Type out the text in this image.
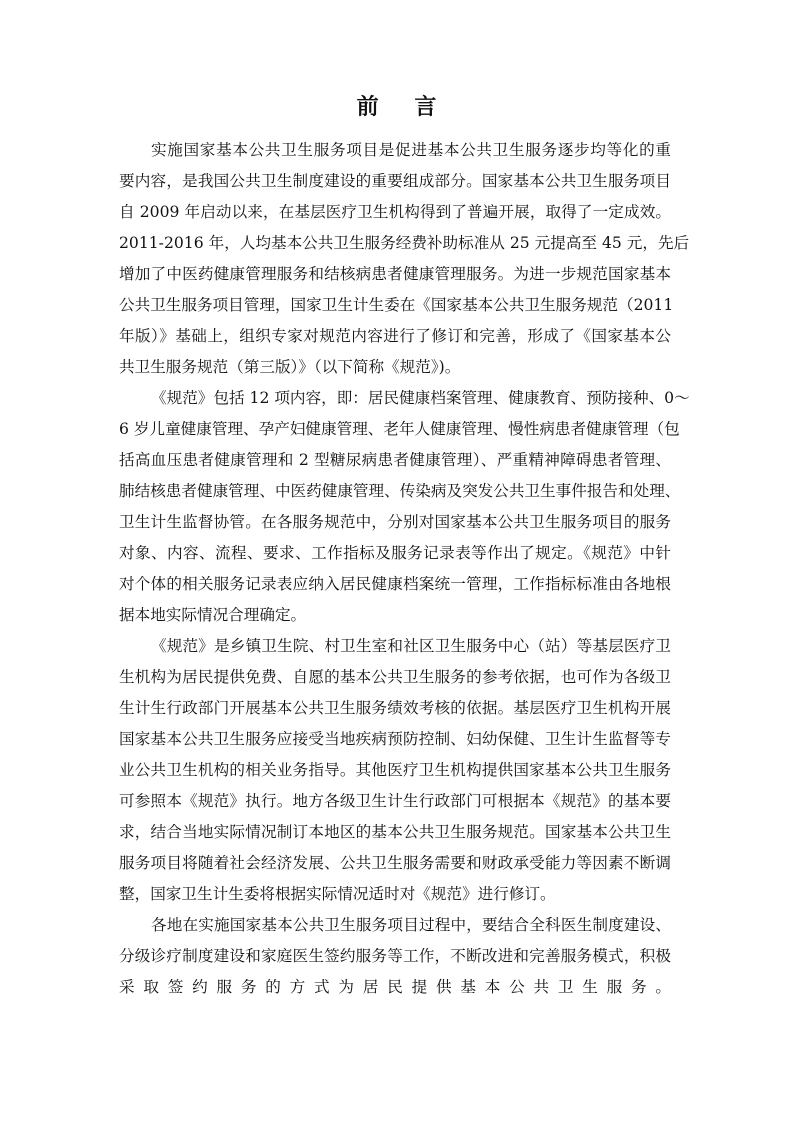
前 言
实施国家基本公共卫生服务项目是促进基本公共卫生服务逐步均等化的重
要内容，是我国公共卫生制度建设的重要组成部分。国家基本公共卫生服务项目
自 2009 年启动以来，在基层医疗卫生机构得到了普遍开展，取得了一定成效。
2011-2016 年，人均基本公共卫生服务经费补助标准从 25 元提高至 45 元，先后
增加了中医药健康管理服务和结核病患者健康管理服务。为进一步规范国家基本
公共卫生服务项目管理，国家卫生计生委在《国家基本公共卫生服务规范（2011
年版）》基础上，组织专家对规范内容进行了修订和完善，形成了《国家基本公
共卫生服务规范（第三版）》（以下简称《规范》)。
《规范》包括 12 项内容，即：居民健康档案管理、健康教育、预防接种、0～
6 岁儿童健康管理、孕产妇健康管理、老年人健康管理、慢性病患者健康管理（包
括高血压患者健康管理和 2 型糖尿病患者健康管理）、严重精神障碍患者管理、
肺结核患者健康管理、中医药健康管理、传染病及突发公共卫生事件报告和处理、
卫生计生监督协管。在各服务规范中，分别对国家基本公共卫生服务项目的服务
对象、内容、流程、要求、工作指标及服务记录表等作出了规定。《规范》中针
对个体的相关服务记录表应纳入居民健康档案统一管理，工作指标标准由各地根
据本地实际情况合理确定。
《规范》是乡镇卫生院、村卫生室和社区卫生服务中心（站）等基层医疗卫
生机构为居民提供免费、自愿的基本公共卫生服务的参考依据，也可作为各级卫
生计生行政部门开展基本公共卫生服务绩效考核的依据。基层医疗卫生机构开展
国家基本公共卫生服务应接受当地疾病预防控制、妇幼保健、卫生计生监督等专
业公共卫生机构的相关业务指导。其他医疗卫生机构提供国家基本公共卫生服务
可参照本《规范》执行。地方各级卫生计生行政部门可根据本《规范》的基本要
求，结合当地实际情况制订本地区的基本公共卫生服务规范。国家基本公共卫生
服务项目将随着社会经济发展、公共卫生服务需要和财政承受能力等因素不断调
整，国家卫生计生委将根据实际情况适时对《规范》进行修订。
各地在实施国家基本公共卫生服务项目过程中，要结合全科医生制度建设、
分级诊疗制度建设和家庭医生签约服务等工作，不断改进和完善服务模式，积极
采取签约服务的方式为居民提供基本公共卫生服务。
